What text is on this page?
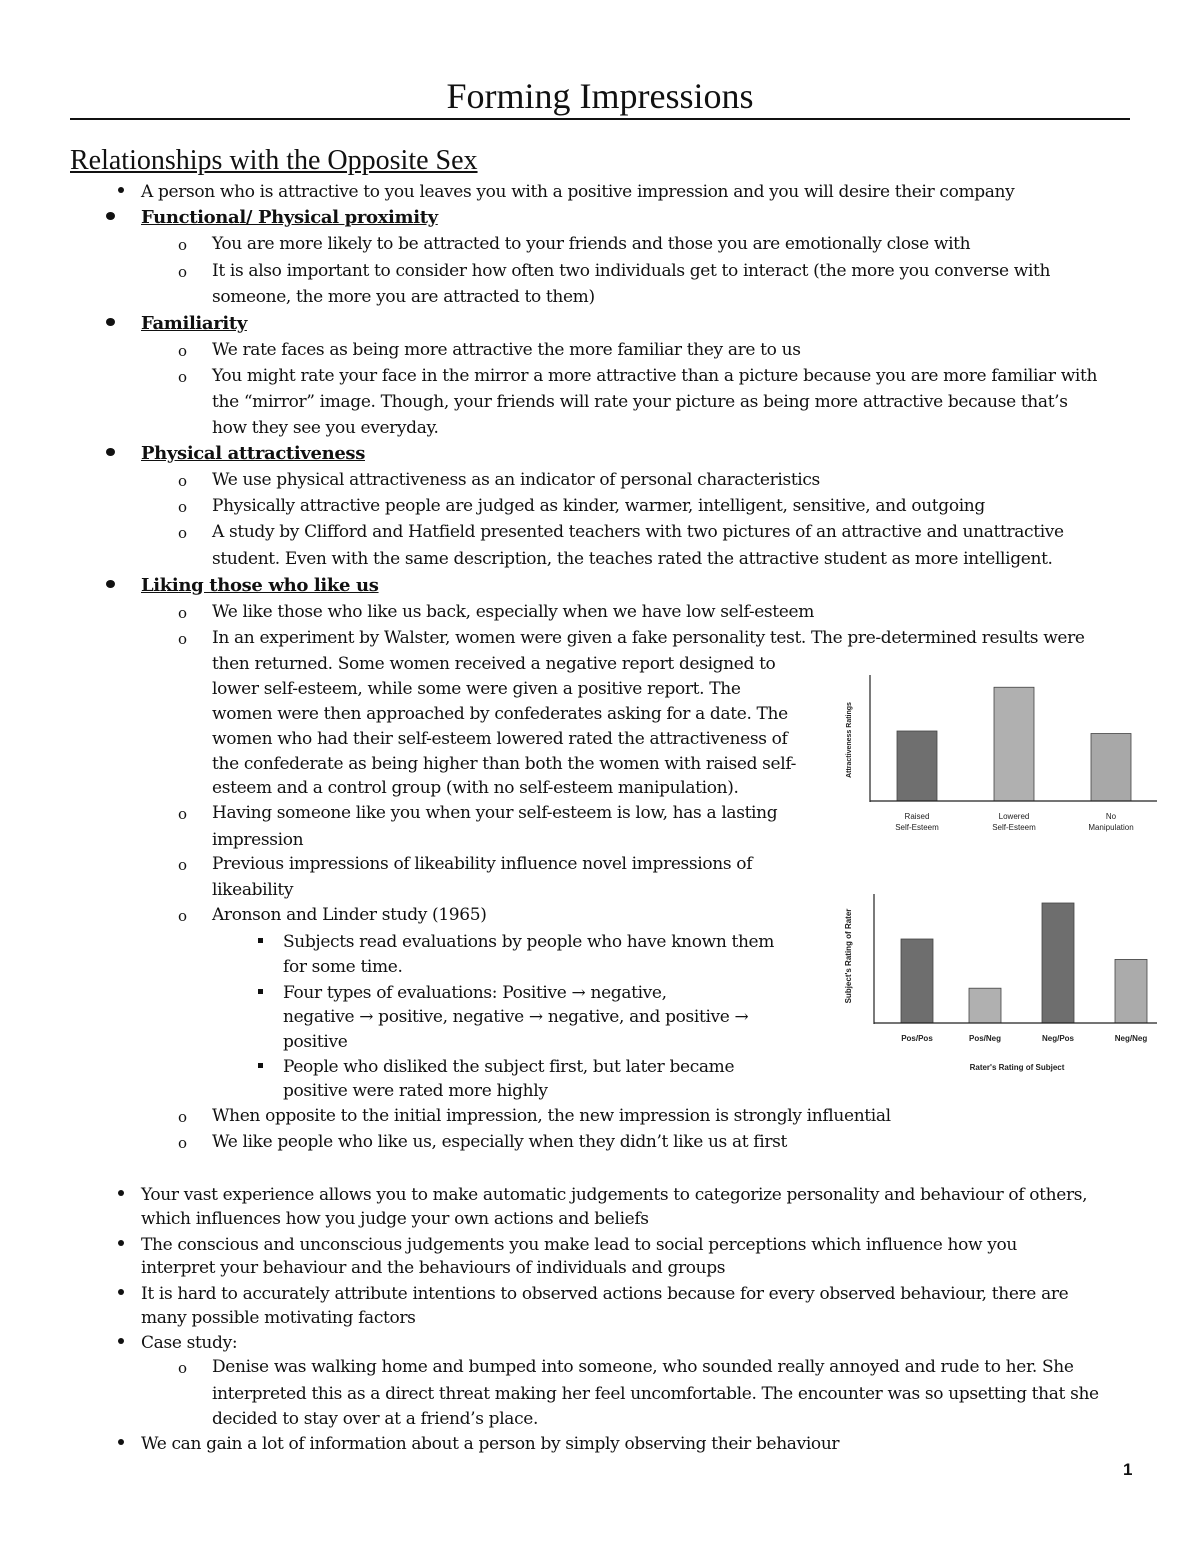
Forming Impressions
Relationships with the Opposite Sex
A person who is attractive to you leaves you with a positive impression and you will desire their company
Functional/ Physical proximity
o You are more likely to be attracted to your friends and those you are emotionally close with
o It is also important to consider how often two individuals get to interact (the more you converse with
someone, the more you are attracted to them)
Familiarity
o We rate faces as being more attractive the more familiar they are to us
o You might rate your face in the mirror a more attractive than a picture because you are more familiar with
the “mirror” image. Though, your friends will rate your picture as being more attractive because that’s
how they see you everyday.
Physical attractiveness
o We use physical attractiveness as an indicator of personal characteristics
o Physically attractive people are judged as kinder, warmer, intelligent, sensitive, and outgoing
o A study by Clifford and Hatfield presented teachers with two pictures of an attractive and unattractive
student. Even with the same description, the teaches rated the attractive student as more intelligent.
Liking those who like us
o We like those who like us back, especially when we have low self-esteem
o In an experiment by Walster, women were given a fake personality test. The pre-determined results were
then returned. Some women received a negative report designed to
lower self-esteem, while some were given a positive report. The
women were then approached by confederates asking for a date. The
women who had their self-esteem lowered rated the attractiveness of
the confederate as being higher than both the women with raised self-
esteem and a control group (with no self-esteem manipulation).
o Having someone like you when your self-esteem is low, has a lasting
impression
o Previous impressions of likeability influence novel impressions of
likeability
o Aronson and Linder study (1965)
Subjects read evaluations by people who have known them
for some time.
Four types of evaluations: Positive → negative,
negative → positive, negative → negative, and positive →
positive
People who disliked the subject first, but later became
positive were rated more highly
o When opposite to the initial impression, the new impression is strongly influential
o We like people who like us, especially when they didn’t like us at first
Your vast experience allows you to make automatic judgements to categorize personality and behaviour of others,
which influences how you judge your own actions and beliefs
The conscious and unconscious judgements you make lead to social perceptions which influence how you
interpret your behaviour and the behaviours of individuals and groups
It is hard to accurately attribute intentions to observed actions because for every observed behaviour, there are
many possible motivating factors
Case study:
o Denise was walking home and bumped into someone, who sounded really annoyed and rude to her. She
interpreted this as a direct threat making her feel uncomfortable. The encounter was so upsetting that she
decided to stay over at a friend’s place.
We can gain a lot of information about a person by simply observing their behaviour
1
Attractiveness Ratings
Raised
Self-Esteem
Lowered
Self-Esteem
No
Manipulation
Subject's Rating of Rater
Pos/Pos	Pos/Neg	Neg/Pos	Neg/Neg
Rater's Rating of Subject
